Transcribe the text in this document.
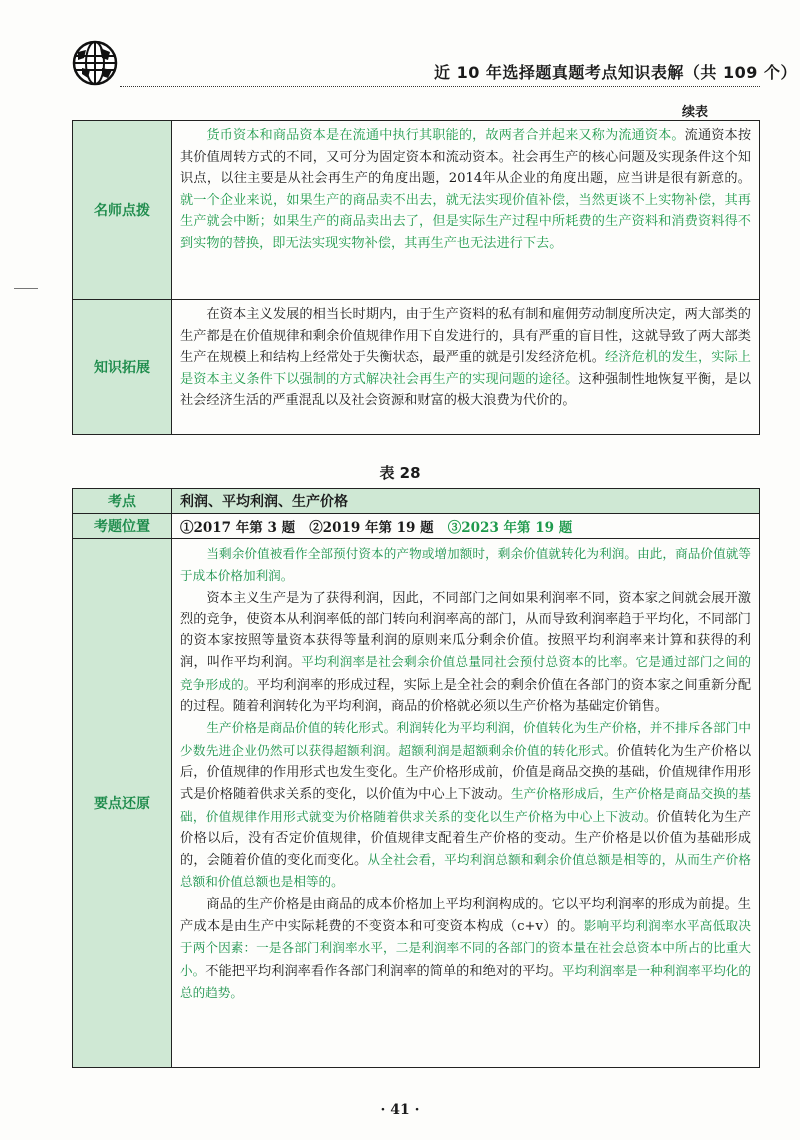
近 10 年选择题真题考点知识表解（共 109 个）
续表
名师点拨	货币资本和商品资本是在流通中执行其职能的，故两者合并起来又称为流通资本。流通资本按其价值周转方式的不同，又可分为固定资本和流动资本。社会再生产的核心问题及实现条件这个知识点，以往主要是从社会再生产的角度出题，2014年从企业的角度出题，应当讲是很有新意的。就一个企业来说，如果生产的商品卖不出去，就无法实现价值补偿，当然更谈不上实物补偿，其再生产就会中断；如果生产的商品卖出去了，但是实际生产过程中所耗费的生产资料和消费资料得不到实物的替换，即无法实现实物补偿，其再生产也无法进行下去。

知识拓展	在资本主义发展的相当长时期内，由于生产资料的私有制和雇佣劳动制度所决定，两大部类的生产都是在价值规律和剩余价值规律作用下自发进行的，具有严重的盲目性，这就导致了两大部类生产在规模上和结构上经常处于失衡状态，最严重的就是引发经济危机。经济危机的发生，实际上是资本主义条件下以强制的方式解决社会再生产的实现问题的途径。这种强制性地恢复平衡，是以社会经济生活的严重混乱以及社会资源和财富的极大浪费为代价的。

表 28
考点	利润、平均利润、生产价格
考题位置	①2017 年第 3 题 ②2019 年第 19 题 ③2023 年第 19 题
要点还原	当剩余价值被看作全部预付资本的产物或增加额时，剩余价值就转化为利润。由此，商品价值就等于成本价格加利润。

资本主义生产是为了获得利润，因此，不同部门之间如果利润率不同，资本家之间就会展开激烈的竞争，使资本从利润率低的部门转向利润率高的部门，从而导致利润率趋于平均化，不同部门的资本家按照等量资本获得等量利润的原则来瓜分剩余价值。按照平均利润率来计算和获得的利润，叫作平均利润。平均利润率是社会剩余价值总量同社会预付总资本的比率。它是通过部门之间的竞争形成的。平均利润率的形成过程，实际上是全社会的剩余价值在各部门的资本家之间重新分配的过程。随着利润转化为平均利润，商品的价格就必须以生产价格为基础定价销售。

生产价格是商品价值的转化形式。利润转化为平均利润，价值转化为生产价格，并不排斥各部门中少数先进企业仍然可以获得超额利润。超额利润是超额剩余价值的转化形式。价值转化为生产价格以后，价值规律的作用形式也发生变化。生产价格形成前，价值是商品交换的基础，价值规律作用形式是价格随着供求关系的变化，以价值为中心上下波动。生产价格形成后，生产价格是商品交换的基础，价值规律作用形式就变为价格随着供求关系的变化以生产价格为中心上下波动。价值转化为生产价格以后，没有否定价值规律，价值规律支配着生产价格的变动。生产价格是以价值为基础形成的，会随着价值的变化而变化。从全社会看，平均利润总额和剩余价值总额是相等的，从而生产价格总额和价值总额也是相等的。

商品的生产价格是由商品的成本价格加上平均利润构成的。它以平均利润率的形成为前提。生产成本是由生产中实际耗费的不变资本和可变资本构成（c+v）的。影响平均利润率水平高低取决于两个因素：一是各部门利润率水平，二是利润率不同的各部门的资本量在社会总资本中所占的比重大小。不能把平均利润率看作各部门利润率的简单的和绝对的平均。平均利润率是一种利润率平均化的总的趋势。

· 41 ·
